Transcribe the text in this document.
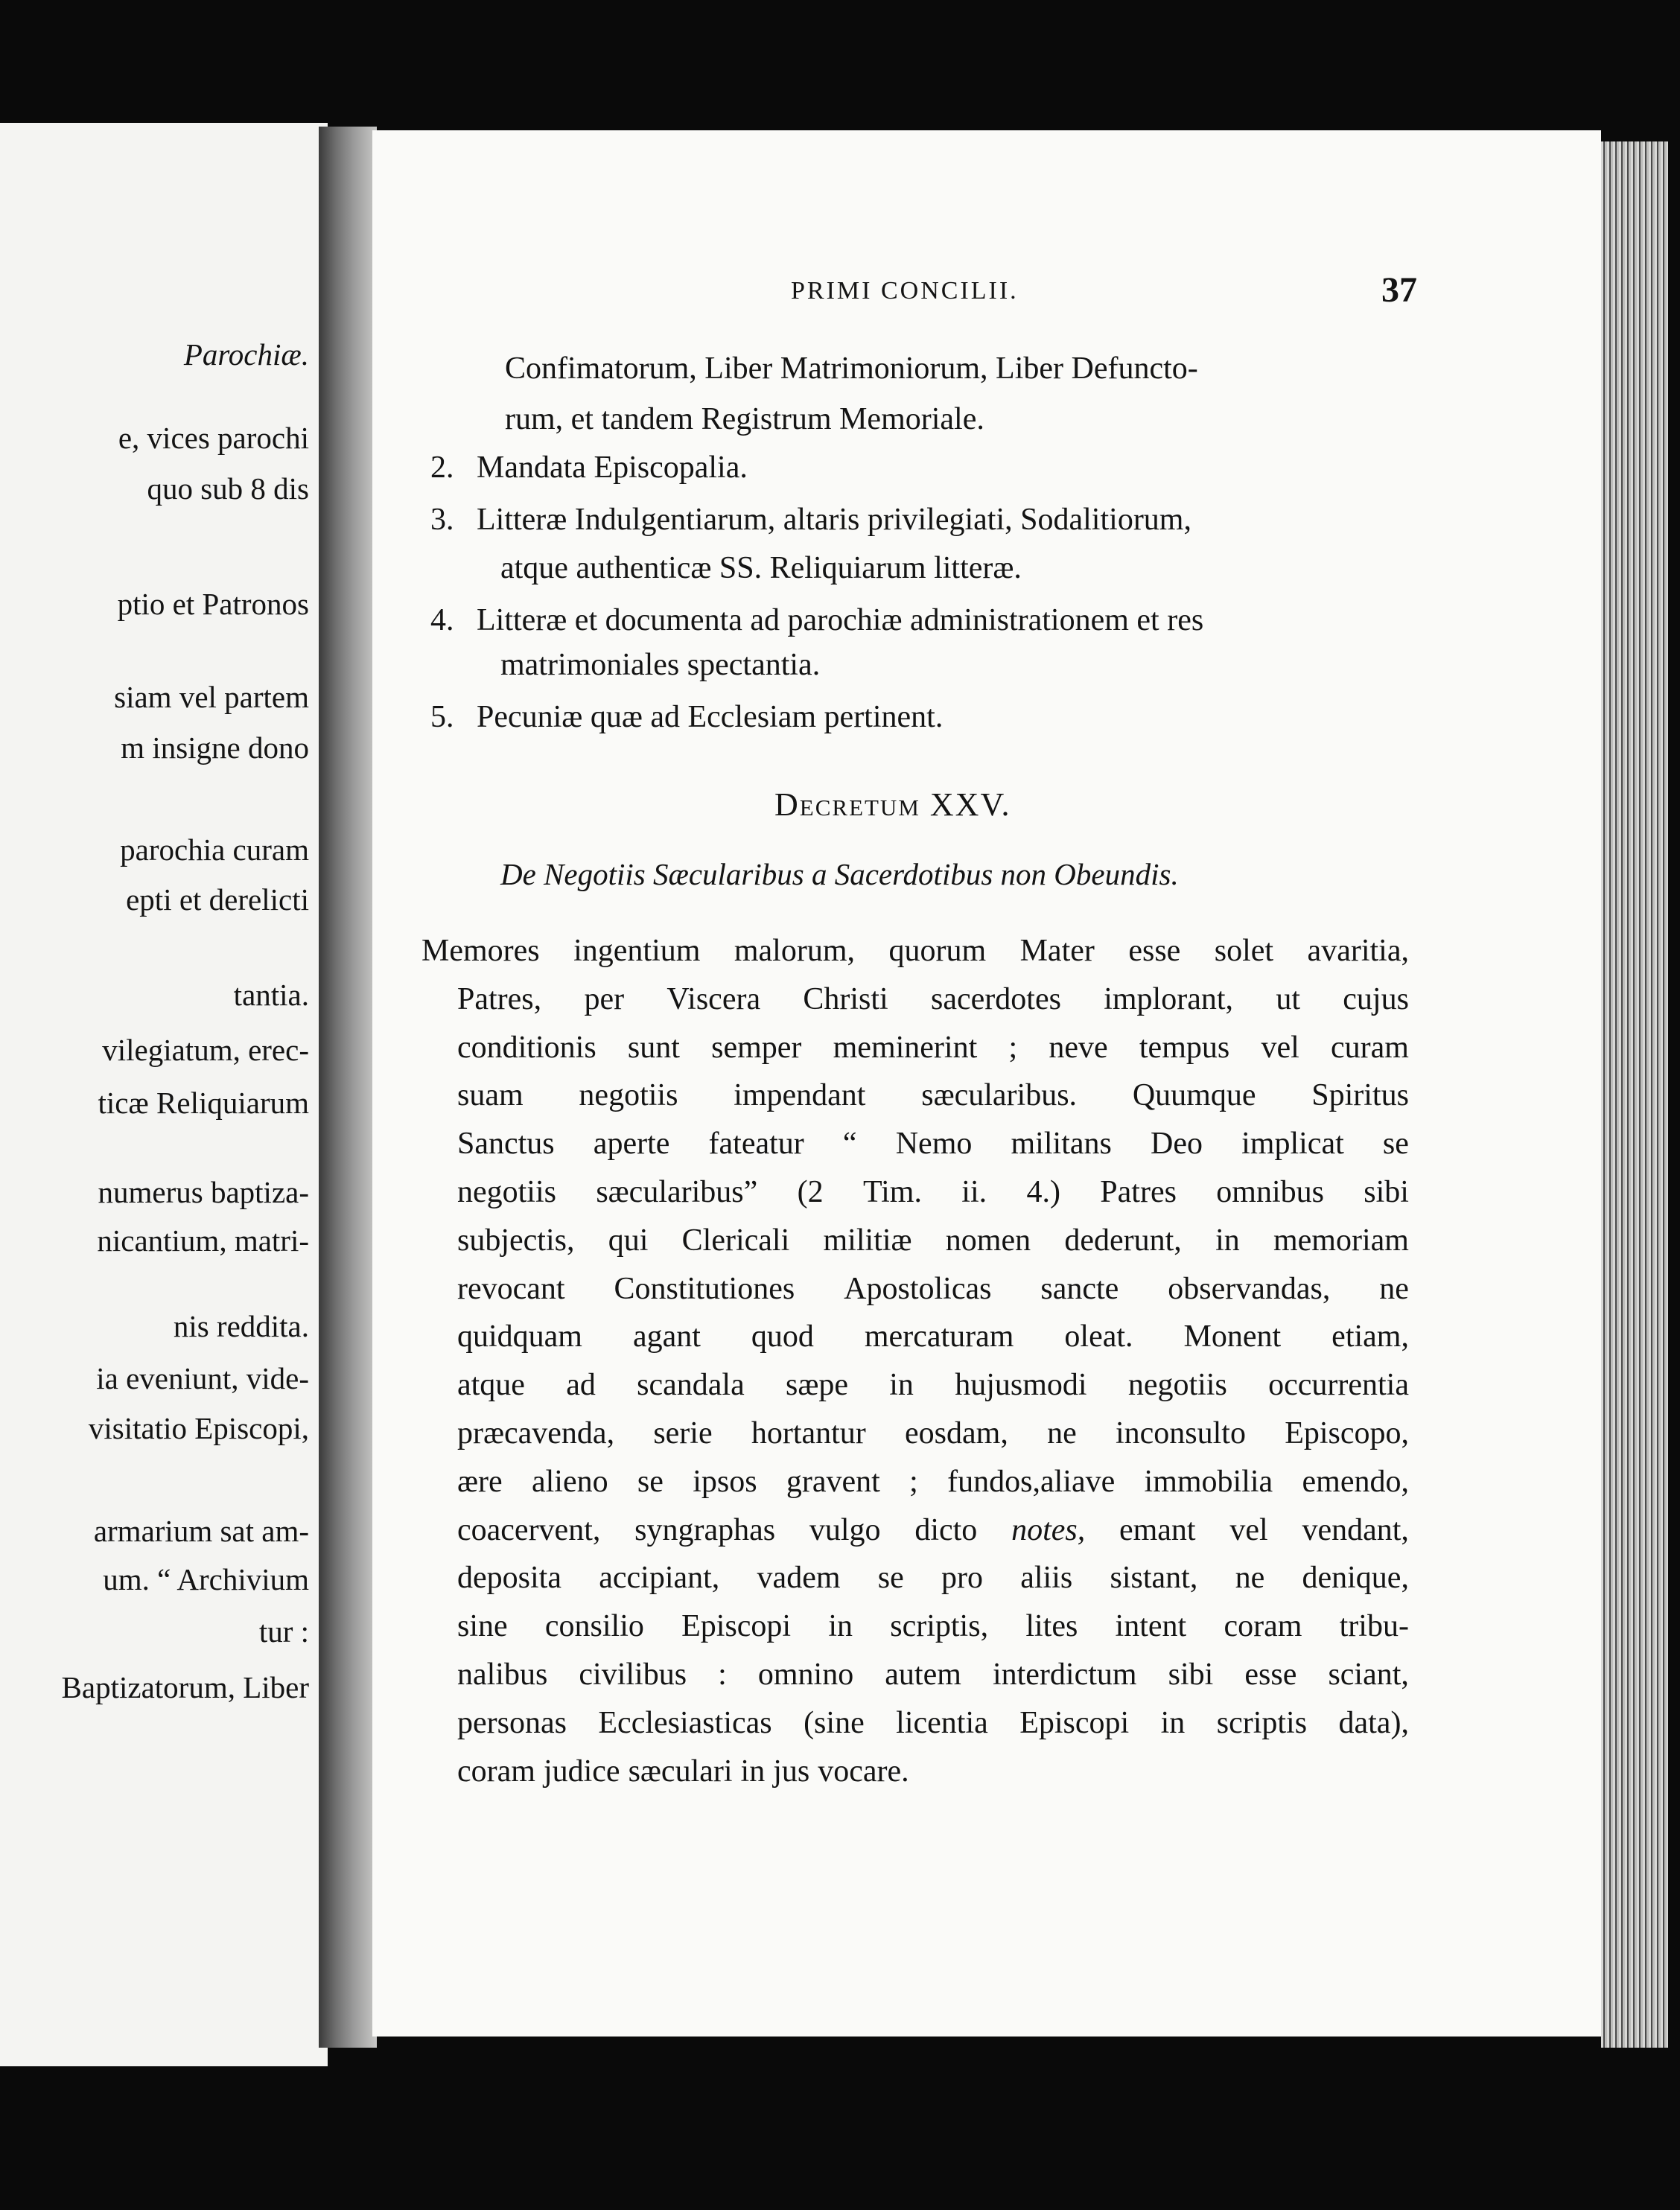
Parochiæ.
e, vices parochi
quo sub 8 dis
ptio et Patronos
siam vel partem
m insigne dono
parochia curam
epti et derelicti
tantia.
vilegiatum, erec-
ticæ Reliquiarum
numerus baptiza-
nicantium, matri-
nis reddita.
ia eveniunt, vide-
visitatio Episcopi,
armarium sat am-
um. “ Archivium
tur :
Baptizatorum, Liber
PRIMI CONCILII.	37
Confimatorum, Liber Matrimoniorum, Liber Defuncto-
rum, et tandem Registrum Memoriale.
2. Mandata Episcopalia.
3. Litteræ Indulgentiarum, altaris privilegiati, Sodalitiorum,
atque authenticæ SS. Reliquiarum litteræ.
4. Litteræ et documenta ad parochiæ administrationem et res
matrimoniales spectantia.
5. Pecuniæ quæ ad Ecclesiam pertinent.
Decretum XXV.
De Negotiis Sæcularibus a Sacerdotibus non Obeundis.
Memores ingentium malorum, quorum Mater esse solet avaritia,
Patres, per Viscera Christi sacerdotes implorant, ut cujus
conditionis sunt semper meminerint ; neve tempus vel curam
suam negotiis impendant sæcularibus. Quumque Spiritus
Sanctus aperte fateatur “ Nemo militans Deo implicat se
negotiis sæcularibus” (2 Tim. ii. 4.) Patres omnibus sibi
subjectis, qui Clericali militiæ nomen dederunt, in memoriam
revocant Constitutiones Apostolicas sancte observandas, ne
quidquam agant quod mercaturam oleat. Monent etiam,
atque ad scandala sæpe in hujusmodi negotiis occurrentia
præcavenda, serie hortantur eosdam, ne inconsulto Episcopo,
ære alieno se ipsos gravent ; fundos,aliave immobilia emendo,
coacervent, syngraphas vulgo dicto notes, emant vel vendant,
deposita accipiant, vadem se pro aliis sistant, ne denique,
sine consilio Episcopi in scriptis, lites intent coram tribu-
nalibus civilibus : omnino autem interdictum sibi esse sciant,
personas Ecclesiasticas (sine licentia Episcopi in scriptis data),
coram judice sæculari in jus vocare.
